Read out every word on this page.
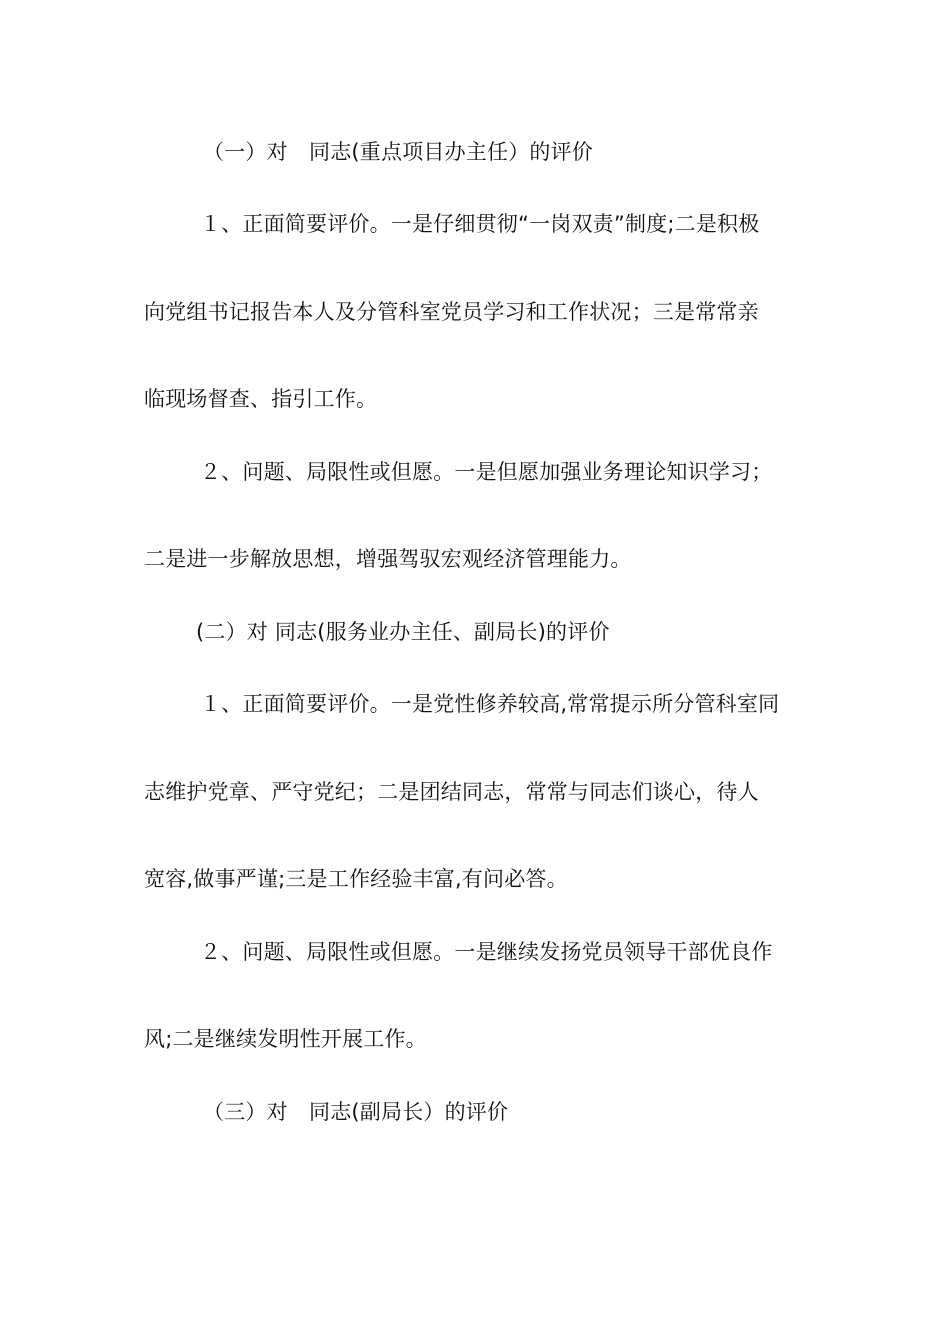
（一）对　同志(重点项目办主任）的评价
１、正面简要评价。一是仔细贯彻“一岗双责”制度;二是积极
向党组书记报告本人及分管科室党员学习和工作状况；三是常常亲
临现场督查、指引工作。
２、问题、局限性或但愿。一是但愿加强业务理论知识学习；
二是进一步解放思想，增强驾驭宏观经济管理能力。
(二）对 同志(服务业办主任、副局长)的评价
１、正面简要评价。一是党性修养较高,常常提示所分管科室同
志维护党章、严守党纪；二是团结同志，常常与同志们谈心，待人
宽容,做事严谨;三是工作经验丰富,有问必答。
２、问题、局限性或但愿。一是继续发扬党员领导干部优良作
风;二是继续发明性开展工作。
（三）对　同志(副局长）的评价
